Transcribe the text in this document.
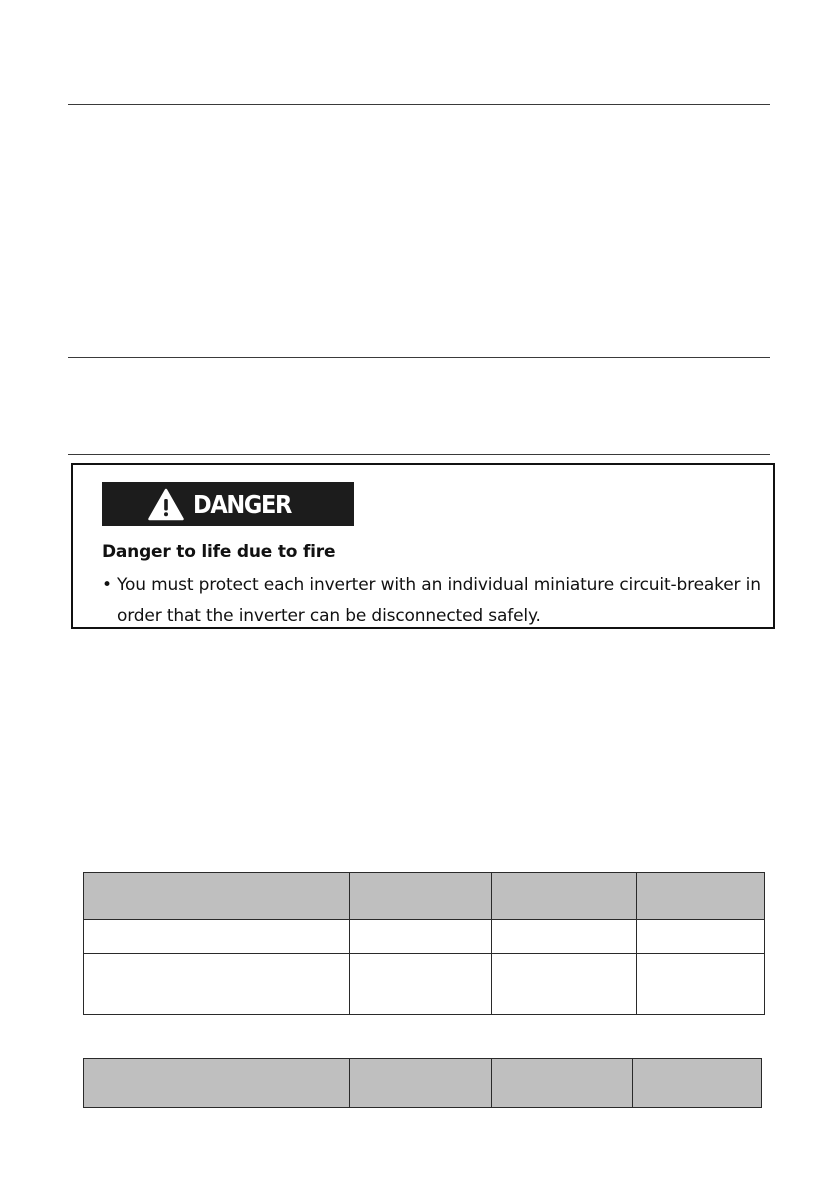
DANGER
Danger to life due to fire
• You must protect each inverter with an individual miniature circuit-breaker in order that the inverter can be disconnected safely.
